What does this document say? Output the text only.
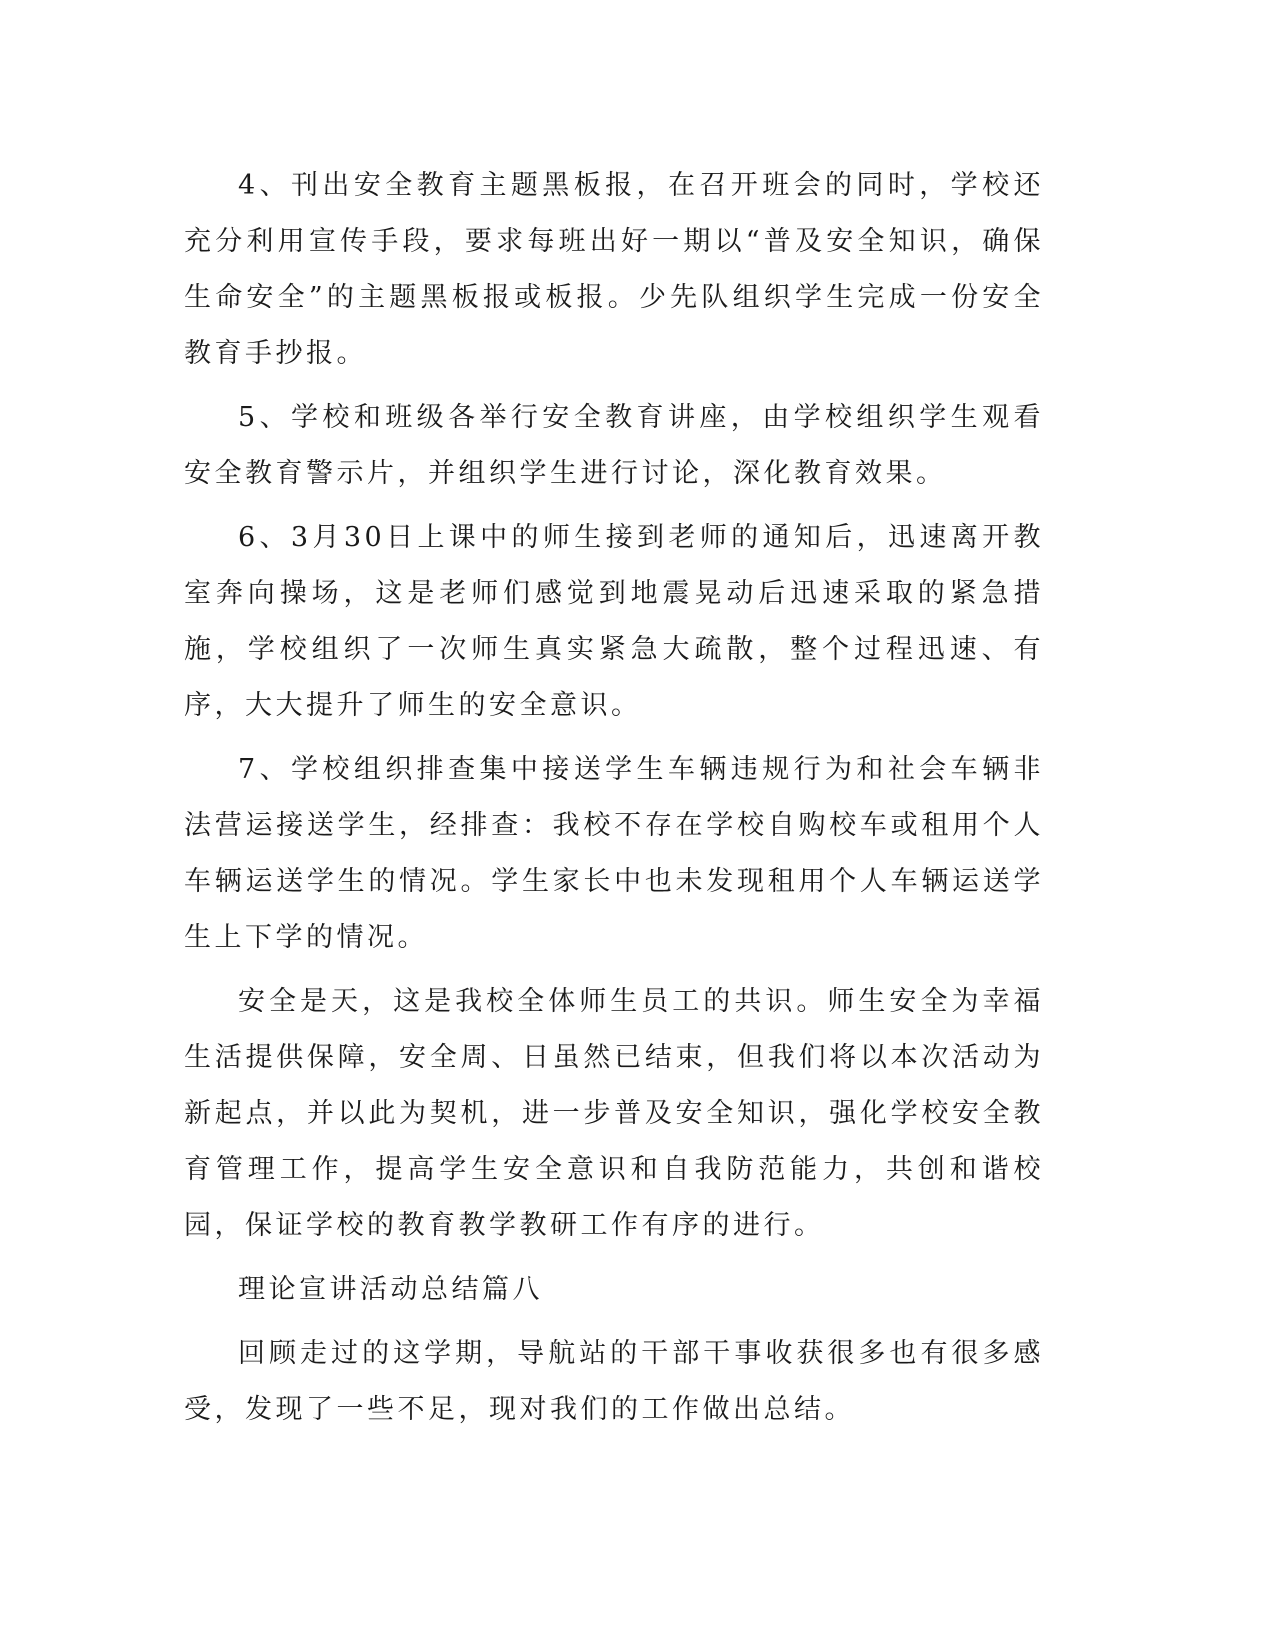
4、刊出安全教育主题黑板报，在召开班会的同时，学校还充分利用宣传手段，要求每班出好一期以“普及安全知识，确保生命安全”的主题黑板报或板报。少先队组织学生完成一份安全教育手抄报。

5、学校和班级各举行安全教育讲座，由学校组织学生观看安全教育警示片，并组织学生进行讨论，深化教育效果。

6、3月30日上课中的师生接到老师的通知后，迅速离开教室奔向操场，这是老师们感觉到地震晃动后迅速采取的紧急措施，学校组织了一次师生真实紧急大疏散，整个过程迅速、有序，大大提升了师生的安全意识。

7、学校组织排查集中接送学生车辆违规行为和社会车辆非法营运接送学生，经排查：我校不存在学校自购校车或租用个人车辆运送学生的情况。学生家长中也未发现租用个人车辆运送学生上下学的情况。

安全是天，这是我校全体师生员工的共识。师生安全为幸福生活提供保障，安全周、日虽然已结束，但我们将以本次活动为新起点，并以此为契机，进一步普及安全知识，强化学校安全教育管理工作，提高学生安全意识和自我防范能力，共创和谐校园，保证学校的教育教学教研工作有序的进行。

理论宣讲活动总结篇八

回顾走过的这学期，导航站的干部干事收获很多也有很多感受，发现了一些不足，现对我们的工作做出总结。
